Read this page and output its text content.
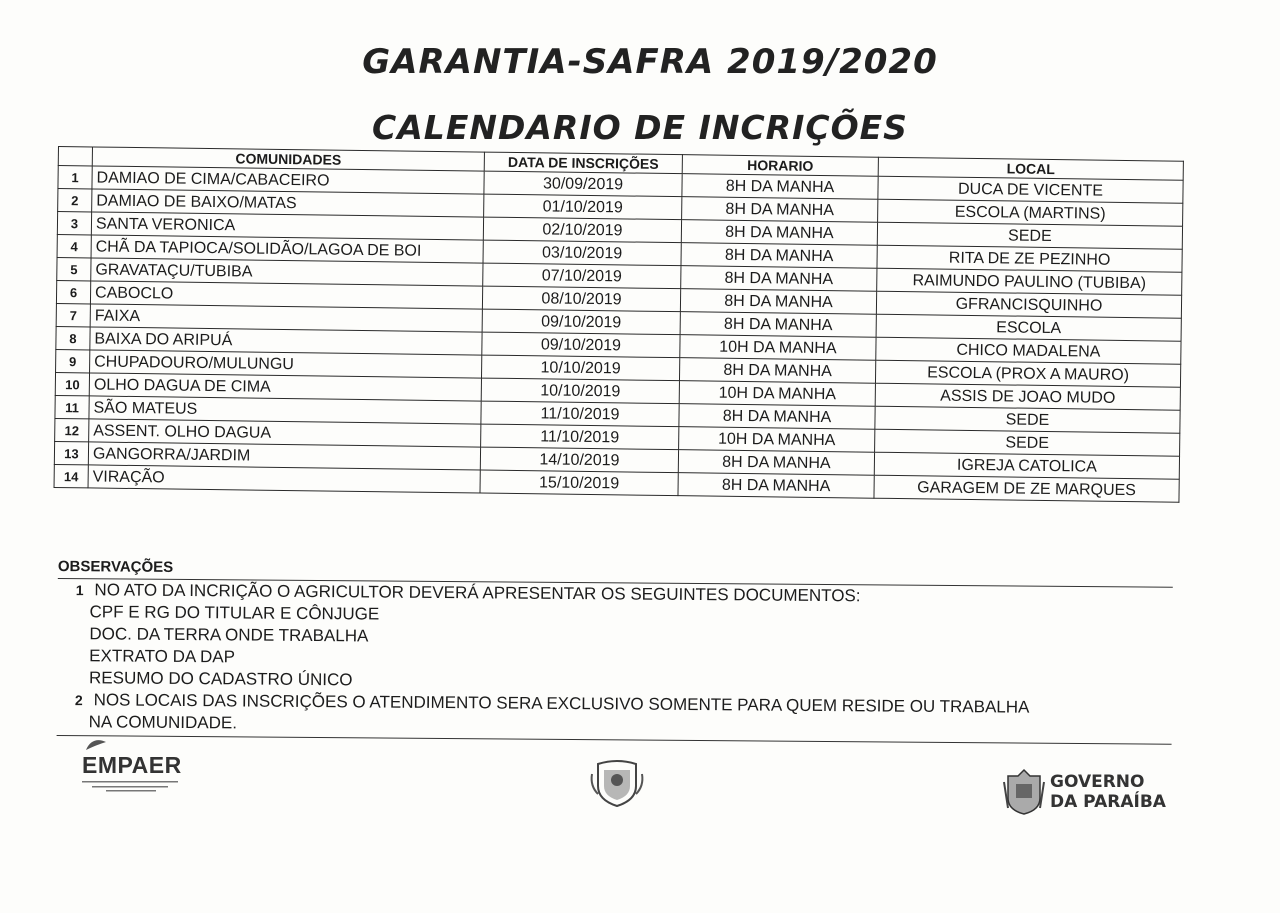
GARANTIA-SAFRA 2019/2020
CALENDARIO DE INCRIÇÕES
	COMUNIDADES	DATA DE INSCRIÇÕES	HORARIO	LOCAL
1	DAMIAO DE CIMA/CABACEIRO	30/09/2019	8H DA MANHA	DUCA DE VICENTE
2	DAMIAO DE BAIXO/MATAS	01/10/2019	8H DA MANHA	ESCOLA (MARTINS)
3	SANTA VERONICA	02/10/2019	8H DA MANHA	SEDE
4	CHÃ DA TAPIOCA/SOLIDÃO/LAGOA DE BOI	03/10/2019	8H DA MANHA	RITA DE ZE PEZINHO
5	GRAVATAÇU/TUBIBA	07/10/2019	8H DA MANHA	RAIMUNDO PAULINO (TUBIBA)
6	CABOCLO	08/10/2019	8H DA MANHA	GFRANCISQUINHO
7	FAIXA	09/10/2019	8H DA MANHA	ESCOLA
8	BAIXA DO ARIPUÁ	09/10/2019	10H DA MANHA	CHICO MADALENA
9	CHUPADOURO/MULUNGU	10/10/2019	8H DA MANHA	ESCOLA (PROX A MAURO)
10	OLHO DAGUA DE CIMA	10/10/2019	10H DA MANHA	ASSIS DE JOAO MUDO
11	SÃO MATEUS	11/10/2019	8H DA MANHA	SEDE
12	ASSENT. OLHO DAGUA	11/10/2019	10H DA MANHA	SEDE
13	GANGORRA/JARDIM	14/10/2019	8H DA MANHA	IGREJA CATOLICA
14	VIRAÇÃO	15/10/2019	8H DA MANHA	GARAGEM DE ZE MARQUES
OBSERVAÇÕES
1 NO ATO DA INCRIÇÃO O AGRICULTOR DEVERÁ APRESENTAR OS SEGUINTES DOCUMENTOS:
CPF E RG DO TITULAR E CÔNJUGE
DOC. DA TERRA ONDE TRABALHA
EXTRATO DA DAP
RESUMO DO CADASTRO ÚNICO
2 NOS LOCAIS DAS INSCRIÇÕES O ATENDIMENTO SERA EXCLUSIVO SOMENTE PARA QUEM RESIDE OU TRABALHA
NA COMUNIDADE.
EMPAER
GOVERNO
DA PARAÍBA
